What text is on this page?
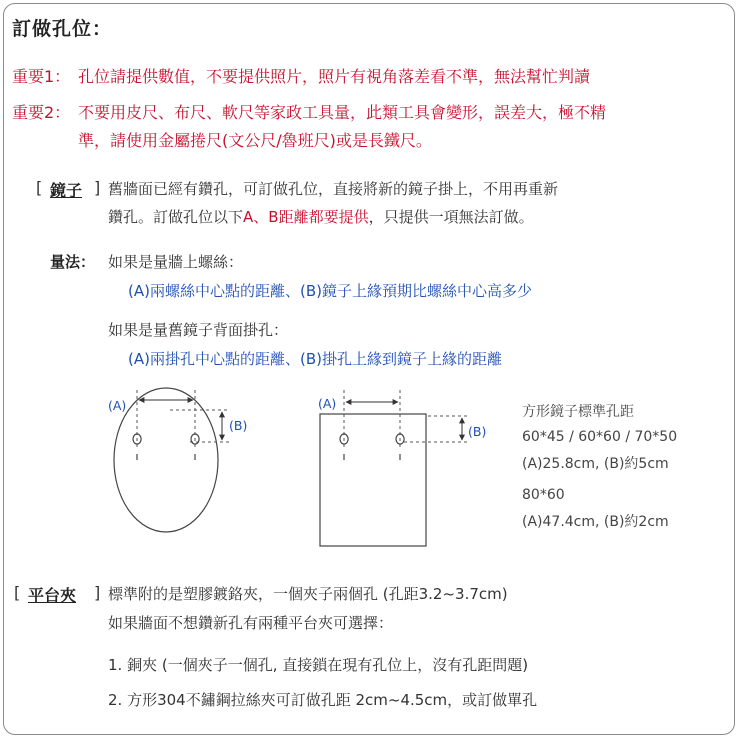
訂做孔位：
重要1： 孔位請提供數值，不要提供照片，照片有視角落差看不準，無法幫忙判讀
重要2： 不要用皮尺、布尺、軟尺等家政工具量，此類工具會變形，誤差大，極不精
準，請使用金屬捲尺(文公尺/魯班尺)或是長鐵尺。
[ 鏡子 ] 舊牆面已經有鑽孔，可訂做孔位，直接將新的鏡子掛上，不用再重新
鑽孔。訂做孔位以下A、B距離都要提供，只提供一項無法訂做。
量法： 如果是量牆上螺絲：
(A)兩螺絲中心點的距離、(B)鏡子上緣預期比螺絲中心高多少
如果是量舊鏡子背面掛孔：
(A)兩掛孔中心點的距離、(B)掛孔上緣到鏡子上緣的距離
(A)
(B)
(A)
(B)
方形鏡子標準孔距
60*45 / 60*60 / 70*50
(A)25.8cm, (B)約5cm
80*60
(A)47.4cm, (B)約2cm
[ 平台夾 ] 標準附的是塑膠鍍鉻夾，一個夾子兩個孔 (孔距3.2~3.7cm)
如果牆面不想鑽新孔有兩種平台夾可選擇：
1. 銅夾 (一個夾子一個孔, 直接鎖在現有孔位上，沒有孔距問題)
2. 方形304不鏽鋼拉絲夾可訂做孔距 2cm~4.5cm，或訂做單孔
